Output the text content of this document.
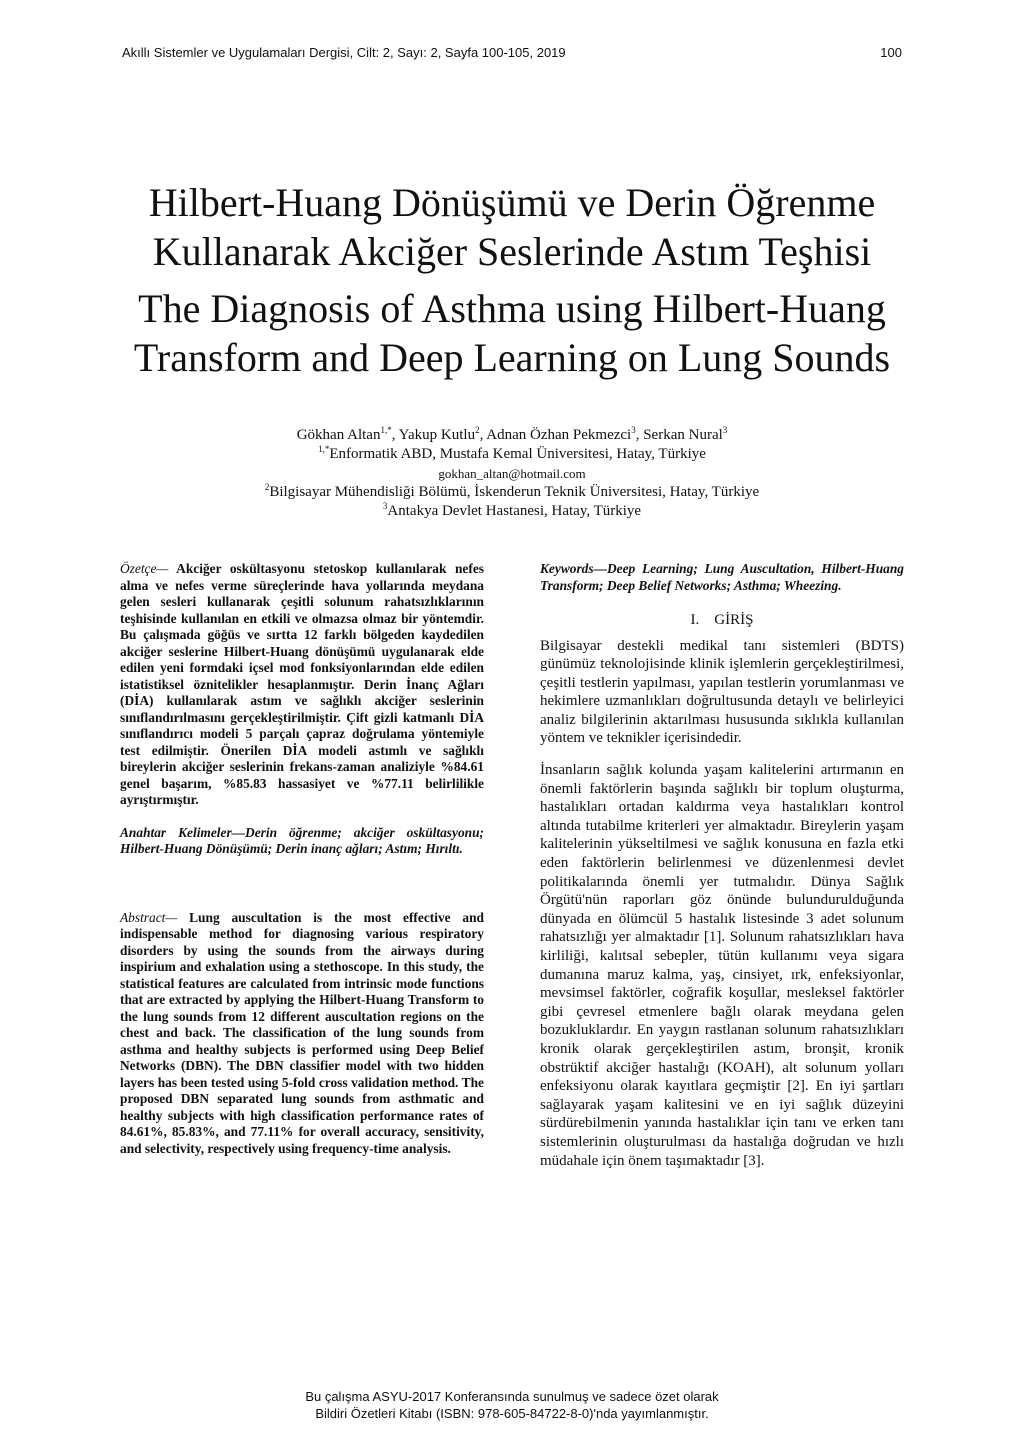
Akıllı Sistemler ve Uygulamaları Dergisi, Cilt: 2, Sayı: 2, Sayfa 100-105, 2019	100
Hilbert-Huang Dönüşümü ve Derin Öğrenme
Kullanarak Akciğer Seslerinde Astım Teşhisi
The Diagnosis of Asthma using Hilbert-Huang
Transform and Deep Learning on Lung Sounds
Gökhan Altan$^{1,*}$, Yakup Kutlu$^2$, Adnan Özhan Pekmezci$^3$, Serkan Nural$^3$
$^{1,*}$Enformatik ABD, Mustafa Kemal Üniversitesi, Hatay, Türkiye
gokhan_altan@hotmail.com
$^2$Bilgisayar Mühendisliği Bölümü, İskenderun Teknik Üniversitesi, Hatay, Türkiye
$^3$Antakya Devlet Hastanesi, Hatay, Türkiye
Özetçe— Akciğer oskültasyonu stetoskop kullanılarak nefes alma ve nefes verme süreçlerinde hava yollarında meydana gelen sesleri kullanarak çeşitli solunum rahatsızlıklarının teşhisinde kullanılan en etkili ve olmazsa olmaz bir yöntemdir. Bu çalışmada göğüs ve sırtta 12 farklı bölgeden kaydedilen akciğer seslerine Hilbert-Huang dönüşümü uygulanarak elde edilen yeni formdaki içsel mod fonksiyonlarından elde edilen istatistiksel öznitelikler hesaplanmıştır. Derin İnanç Ağları (DİA) kullanılarak astım ve sağlıklı akciğer seslerinin sınıflandırılmasını gerçekleştirilmiştir. Çift gizli katmanlı DİA sınıflandırıcı modeli 5 parçalı çapraz doğrulama yöntemiyle test edilmiştir. Önerilen DİA modeli astımlı ve sağlıklı bireylerin akciğer seslerinin frekans-zaman analiziyle %84.61 genel başarım, %85.83 hassasiyet ve %77.11 belirlilikle ayrıştırmıştır.
Anahtar Kelimeler—Derin öğrenme; akciğer oskültasyonu; Hilbert-Huang Dönüşümü; Derin inanç ağları; Astım; Hırıltı.
Abstract— Lung auscultation is the most effective and indispensable method for diagnosing various respiratory disorders by using the sounds from the airways during inspirium and exhalation using a stethoscope. In this study, the statistical features are calculated from intrinsic mode functions that are extracted by applying the Hilbert-Huang Transform to the lung sounds from 12 different auscultation regions on the chest and back. The classification of the lung sounds from asthma and healthy subjects is performed using Deep Belief Networks (DBN). The DBN classifier model with two hidden layers has been tested using 5-fold cross validation method. The proposed DBN separated lung sounds from asthmatic and healthy subjects with high classification performance rates of 84.61%, 85.83%, and 77.11% for overall accuracy, sensitivity, and selectivity, respectively using frequency-time analysis.
Keywords—Deep Learning; Lung Auscultation, Hilbert-Huang Transform; Deep Belief Networks; Asthma; Wheezing.
I. GİRİŞ

Bilgisayar destekli medikal tanı sistemleri (BDTS) günümüz teknolojisinde klinik işlemlerin gerçekleştirilmesi, çeşitli testlerin yapılması, yapılan testlerin yorumlanması ve hekimlere uzmanlıkları doğrultusunda detaylı ve belirleyici analiz bilgilerinin aktarılması hususunda sıklıkla kullanılan yöntem ve teknikler içerisindedir.

İnsanların sağlık kolunda yaşam kalitelerini artırmanın en önemli faktörlerin başında sağlıklı bir toplum oluşturma, hastalıkları ortadan kaldırma veya hastalıkları kontrol altında tutabilme kriterleri yer almaktadır. Bireylerin yaşam kalitelerinin yükseltilmesi ve sağlık konusuna en fazla etki eden faktörlerin belirlenmesi ve düzenlenmesi devlet politikalarında önemli yer tutmalıdır. Dünya Sağlık Örgütü'nün raporları göz önünde bulundurulduğunda dünyada en ölümcül 5 hastalık listesinde 3 adet solunum rahatsızlığı yer almaktadır [1]. Solunum rahatsızlıkları hava kirliliği, kalıtsal sebepler, tütün kullanımı veya sigara dumanına maruz kalma, yaş, cinsiyet, ırk, enfeksiyonlar, mevsimsel faktörler, coğrafik koşullar, mesleksel faktörler gibi çevresel etmenlere bağlı olarak meydana gelen bozukluklardır. En yaygın rastlanan solunum rahatsızlıkları kronik olarak gerçekleştirilen astım, bronşit, kronik obstrüktif akciğer hastalığı (KOAH), alt solunum yolları enfeksiyonu olarak kayıtlara geçmiştir [2]. En iyi şartları sağlayarak yaşam kalitesini ve en iyi sağlık düzeyini sürdürebilmenin yanında hastalıklar için tanı ve erken tanı sistemlerinin oluşturulması da hastalığa doğrudan ve hızlı müdahale için önem taşımaktadır [3].

Bu çalışma ASYU-2017 Konferansında sunulmuş ve sadece özet olarak
Bildiri Özetleri Kitabı (ISBN: 978-605-84722-8-0)'nda yayımlanmıştır.
